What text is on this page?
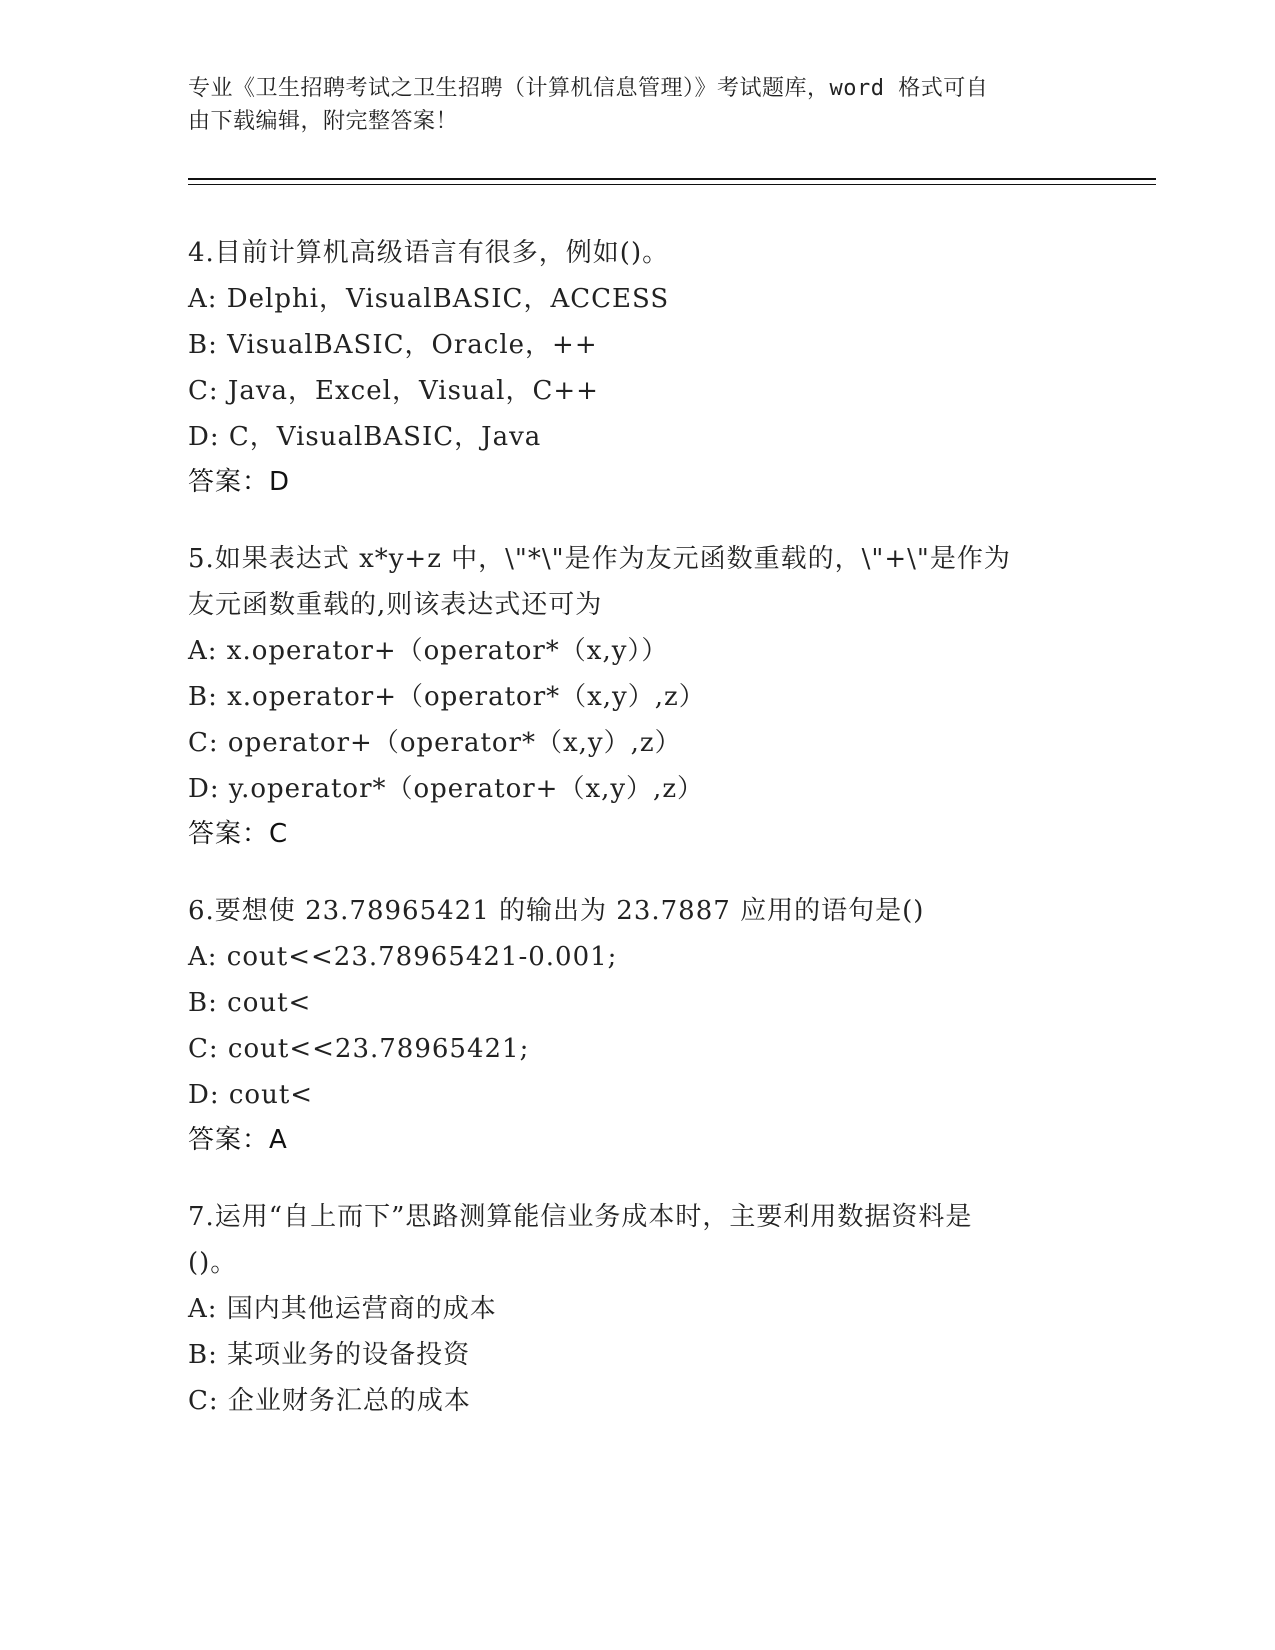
专业《卫生招聘考试之卫生招聘（计算机信息管理）》考试题库，word 格式可自
由下载编辑，附完整答案！
4.目前计算机高级语言有很多，例如()。
A: Delphi，VisualBASIC，ACCESS
B: VisualBASIC，Oracle，++
C: Java，Excel，Visual，C++
D: C，VisualBASIC，Java
答案：D
5.如果表达式 x*y+z 中，\"*\"是作为友元函数重载的，\"+\"是作为
友元函数重载的,则该表达式还可为
A: x.operator+（operator*（x,y））
B: x.operator+（operator*（x,y）,z）
C: operator+（operator*（x,y）,z）
D: y.operator*（operator+（x,y）,z）
答案：C
6.要想使 23.78965421 的输出为 23.7887 应用的语句是()
A: cout<<23.78965421-0.001;
B: cout<
C: cout<<23.78965421;
D: cout<
答案：A
7.运用“自上而下”思路测算能信业务成本时，主要利用数据资料是
()。
A: 国内其他运营商的成本
B: 某项业务的设备投资
C: 企业财务汇总的成本
